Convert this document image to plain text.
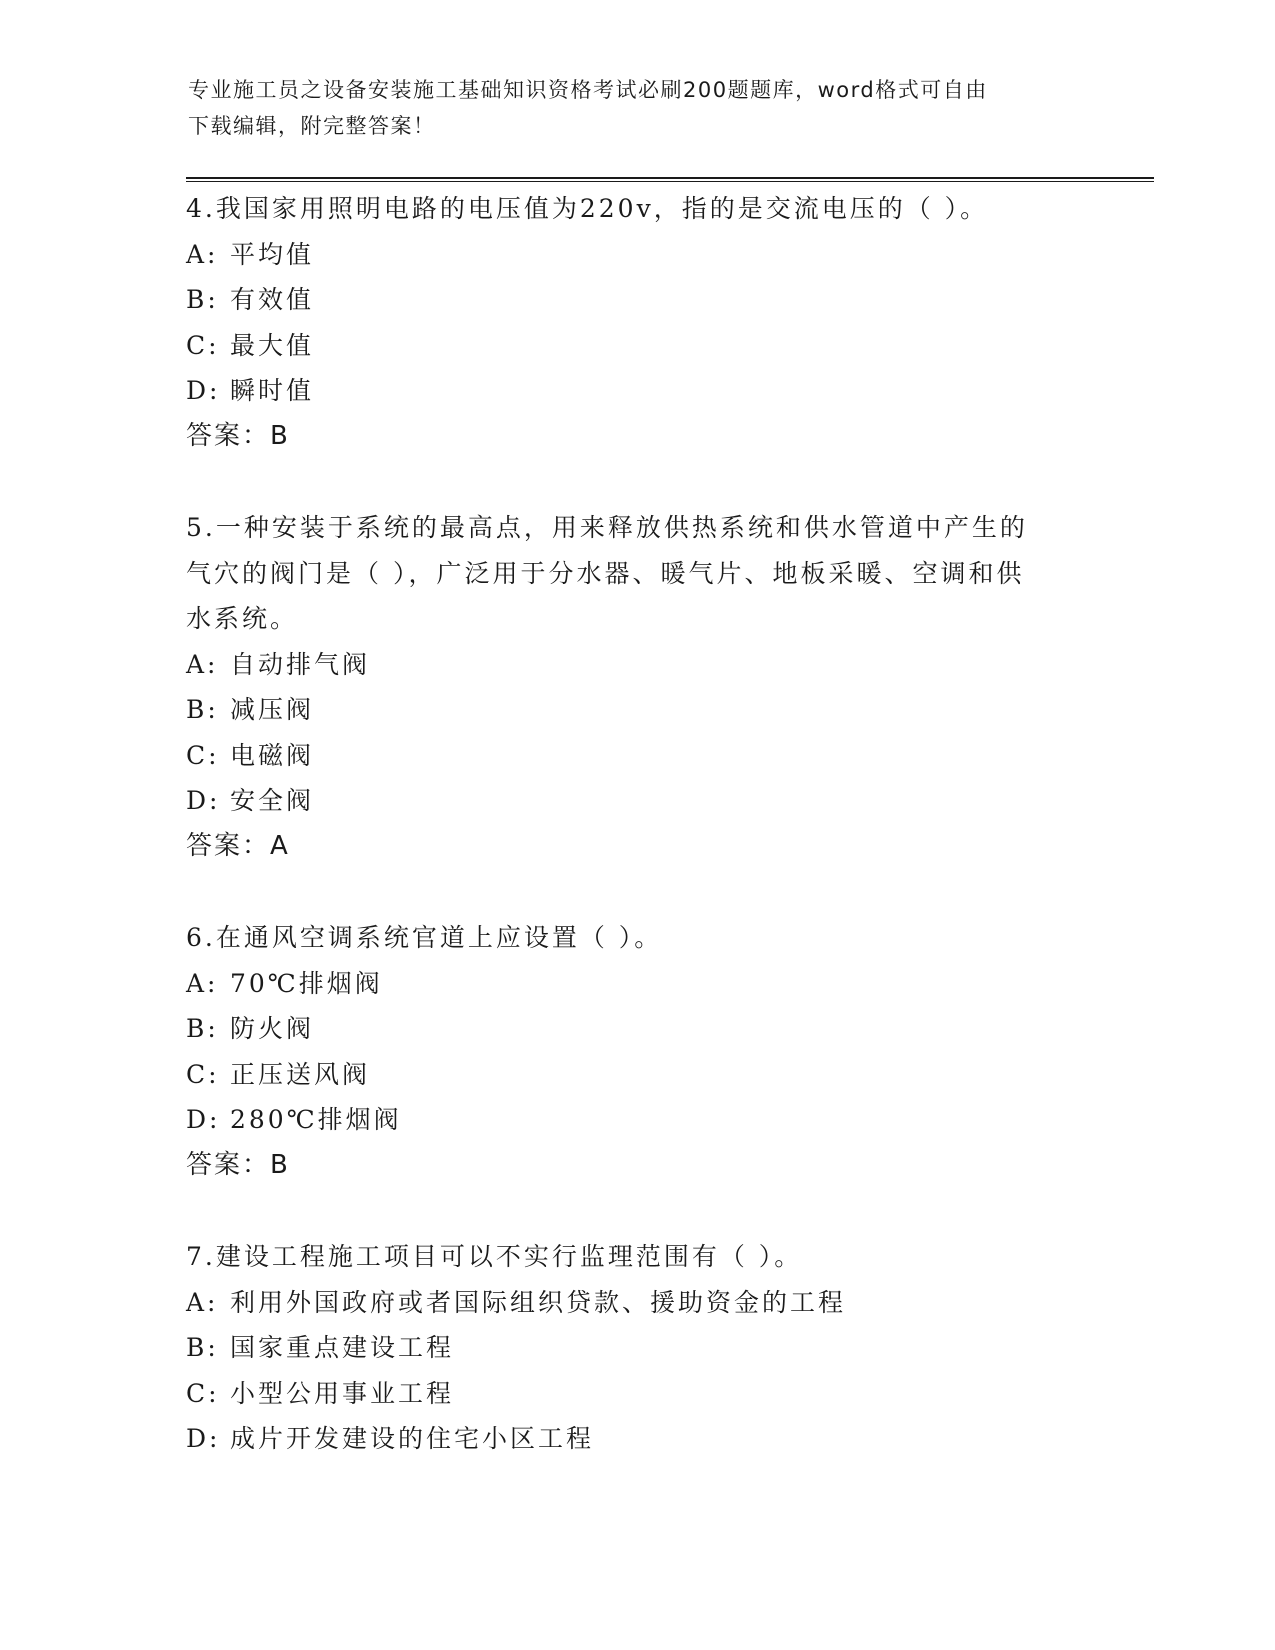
专业施工员之设备安装施工基础知识资格考试必刷200题题库，word格式可自由
下载编辑，附完整答案！
4.我国家用照明电路的电压值为220v，指的是交流电压的（ ）。
A: 平均值
B: 有效值
C: 最大值
D: 瞬时值
答案：B
5.一种安装于系统的最高点，用来释放供热系统和供水管道中产生的
气穴的阀门是（ ），广泛用于分水器、暖气片、地板采暖、空调和供
水系统。
A: 自动排气阀
B: 减压阀
C: 电磁阀
D: 安全阀
答案：A
6.在通风空调系统官道上应设置（ ）。
A: 70℃排烟阀
B: 防火阀
C: 正压送风阀
D: 280℃排烟阀
答案：B
7.建设工程施工项目可以不实行监理范围有（ ）。
A: 利用外国政府或者国际组织贷款、援助资金的工程
B: 国家重点建设工程
C: 小型公用事业工程
D: 成片开发建设的住宅小区工程
